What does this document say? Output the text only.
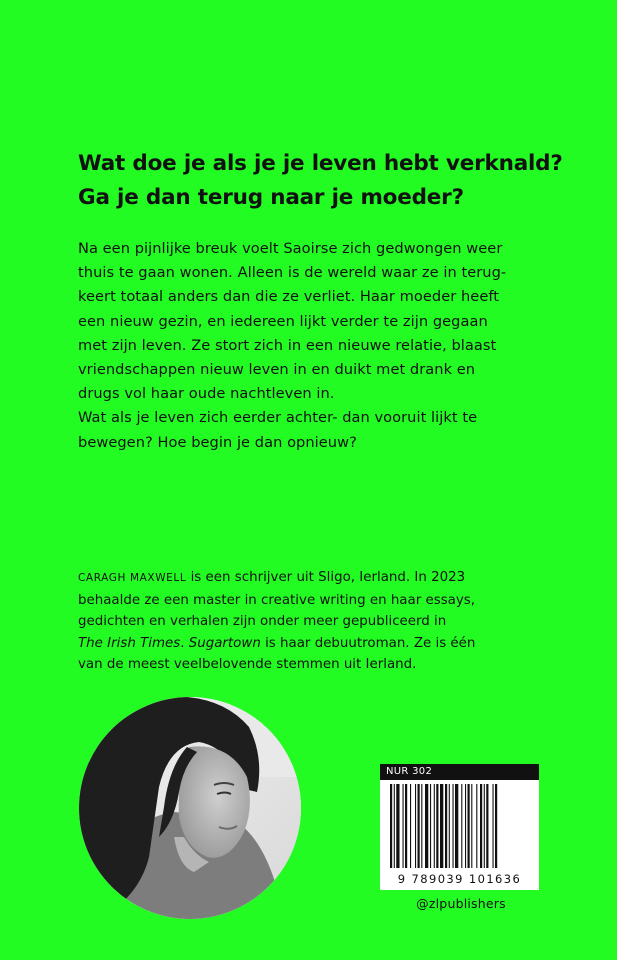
Wat doe je als je je leven hebt verknald?
Ga je dan terug naar je moeder?
Na een pijnlijke breuk voelt Saoirse zich gedwongen weer
thuis te gaan wonen. Alleen is de wereld waar ze in terug-
keert totaal anders dan die ze verliet. Haar moeder heeft
een nieuw gezin, en iedereen lijkt verder te zijn gegaan
met zijn leven. Ze stort zich in een nieuwe relatie, blaast
vriendschappen nieuw leven in en duikt met drank en
drugs vol haar oude nachtleven in.
Wat als je leven zich eerder achter- dan vooruit lijkt te
bewegen? Hoe begin je dan opnieuw?
CARAGH MAXWELL is een schrijver uit Sligo, Ierland. In 2023
behaalde ze een master in creative writing en haar essays,
gedichten en verhalen zijn onder meer gepubliceerd in
The Irish Times. Sugartown is haar debuutroman. Ze is één
van de meest veelbelovende stemmen uit Ierland.
NUR 302
9 789039 101636
@zlpublishers
